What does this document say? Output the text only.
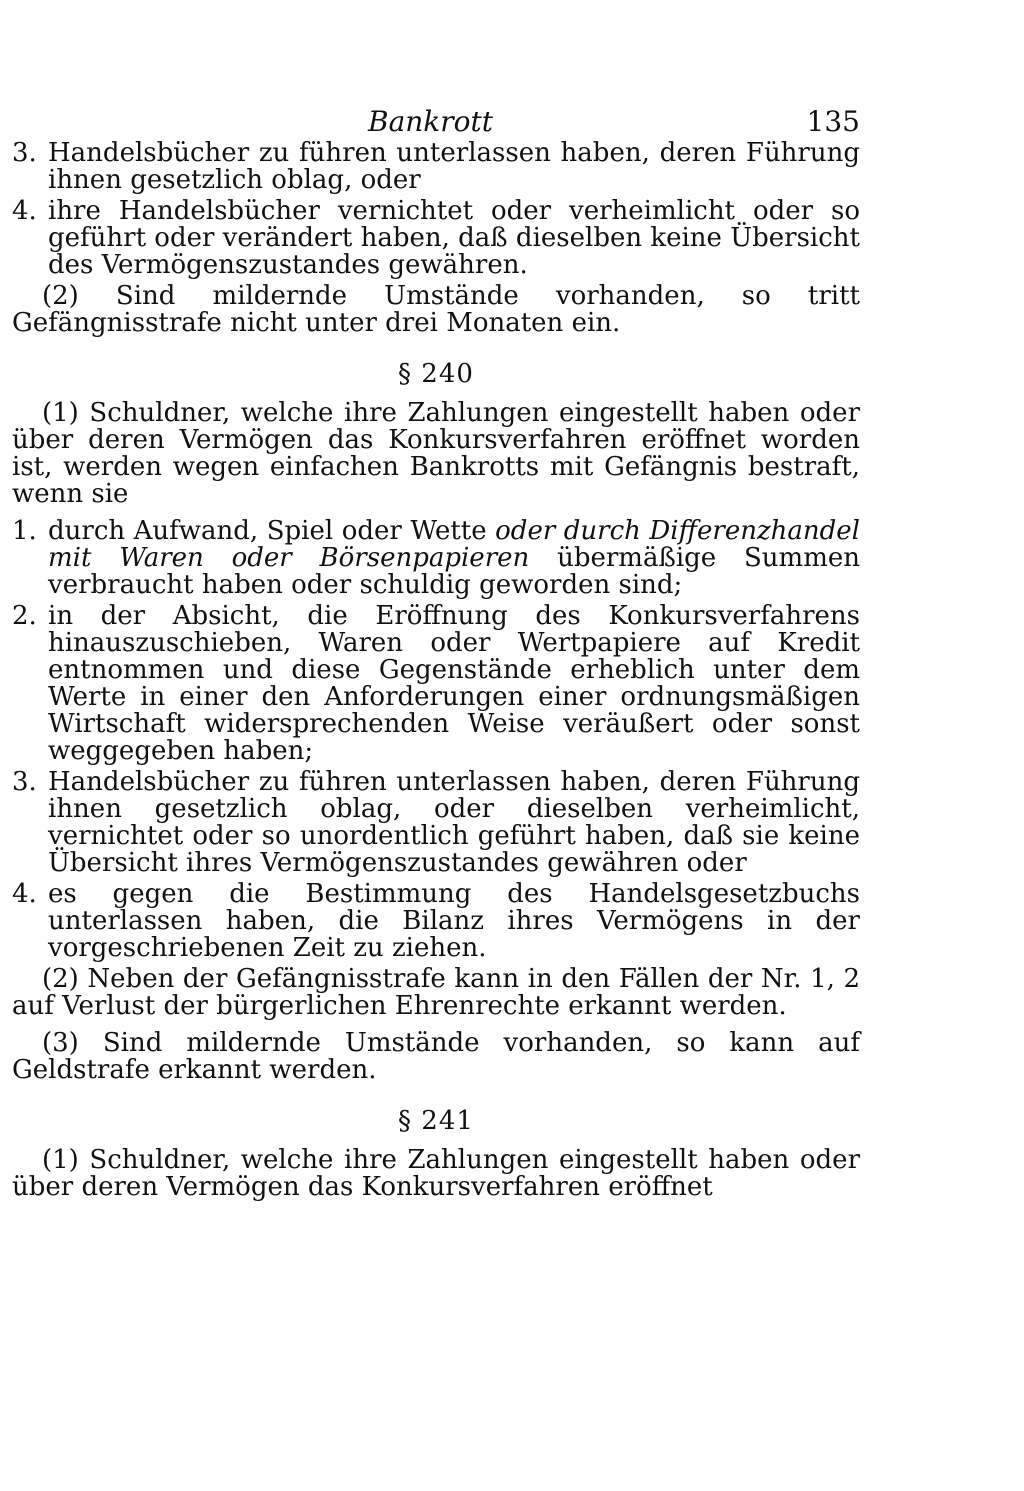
Bankrott	135
3. Handelsbücher zu führen unterlassen haben, deren Führung ihnen gesetzlich oblag, oder
4. ihre Handelsbücher vernichtet oder verheimlicht oder so geführt oder verändert haben, daß dieselben keine Übersicht des Vermögenszustandes gewähren.

(2) Sind mildernde Umstände vorhanden, so tritt Gefängnisstrafe nicht unter drei Monaten ein.

§ 240

(1) Schuldner, welche ihre Zahlungen eingestellt haben oder über deren Vermögen das Konkursverfahren eröffnet worden ist, werden wegen einfachen Bankrotts mit Gefängnis bestraft, wenn sie

1. durch Aufwand, Spiel oder Wette oder durch Differenzhandel mit Waren oder Börsenpapieren übermäßige Summen verbraucht haben oder schuldig geworden sind;
2. in der Absicht, die Eröffnung des Konkursverfahrens hinauszuschieben, Waren oder Wertpapiere auf Kredit entnommen und diese Gegenstände erheblich unter dem Werte in einer den Anforderungen einer ordnungsmäßigen Wirtschaft widersprechenden Weise veräußert oder sonst weggegeben haben;
3. Handelsbücher zu führen unterlassen haben, deren Führung ihnen gesetzlich oblag, oder dieselben verheimlicht, vernichtet oder so unordentlich geführt haben, daß sie keine Übersicht ihres Vermögenszustandes gewähren oder
4. es gegen die Bestimmung des Handelsgesetzbuchs unterlassen haben, die Bilanz ihres Vermögens in der vorgeschriebenen Zeit zu ziehen.

(2) Neben der Gefängnisstrafe kann in den Fällen der Nr. 1, 2 auf Verlust der bürgerlichen Ehrenrechte erkannt werden.

(3) Sind mildernde Umstände vorhanden, so kann auf Geldstrafe erkannt werden.

§ 241

(1) Schuldner, welche ihre Zahlungen eingestellt haben oder über deren Vermögen das Konkursverfahren eröffnet
